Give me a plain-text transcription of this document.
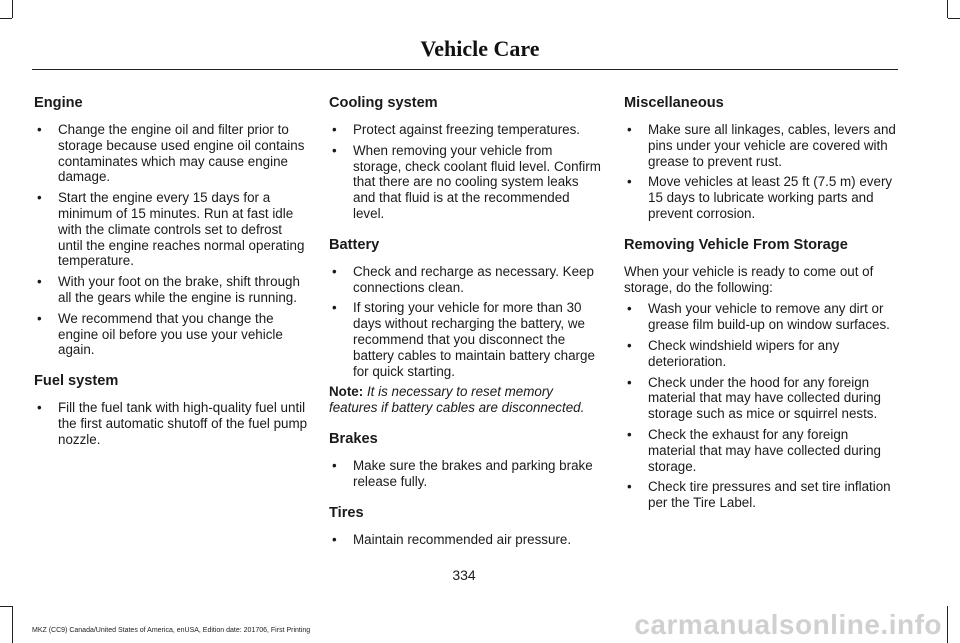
Vehicle Care
Engine
• Change the engine oil and filter prior to storage because used engine oil contains contaminates which may cause engine damage.
• Start the engine every 15 days for a minimum of 15 minutes. Run at fast idle with the climate controls set to defrost until the engine reaches normal operating temperature.
• With your foot on the brake, shift through all the gears while the engine is running.
• We recommend that you change the engine oil before you use your vehicle again.
Fuel system
• Fill the fuel tank with high-quality fuel until the first automatic shutoff of the fuel pump nozzle.
Cooling system
• Protect against freezing temperatures.
• When removing your vehicle from storage, check coolant fluid level. Confirm that there are no cooling system leaks and that fluid is at the recommended level.
Battery
• Check and recharge as necessary. Keep connections clean.
• If storing your vehicle for more than 30 days without recharging the battery, we recommend that you disconnect the battery cables to maintain battery charge for quick starting.

Note: It is necessary to reset memory features if battery cables are disconnected.

Brakes
• Make sure the brakes and parking brake release fully.
Tires
• Maintain recommended air pressure.
Miscellaneous
• Make sure all linkages, cables, levers and pins under your vehicle are covered with grease to prevent rust.
• Move vehicles at least 25 ft (7.5 m) every 15 days to lubricate working parts and prevent corrosion.
Removing Vehicle From Storage

When your vehicle is ready to come out of storage, do the following:

• Wash your vehicle to remove any dirt or grease film build-up on window surfaces.
• Check windshield wipers for any deterioration.
• Check under the hood for any foreign material that may have collected during storage such as mice or squirrel nests.
• Check the exhaust for any foreign material that may have collected during storage.
• Check tire pressures and set tire inflation per the Tire Label.
334
MKZ (CC9) Canada/United States of America, enUSA, Edition date: 201706, First Printing	carmanualsonline.info
